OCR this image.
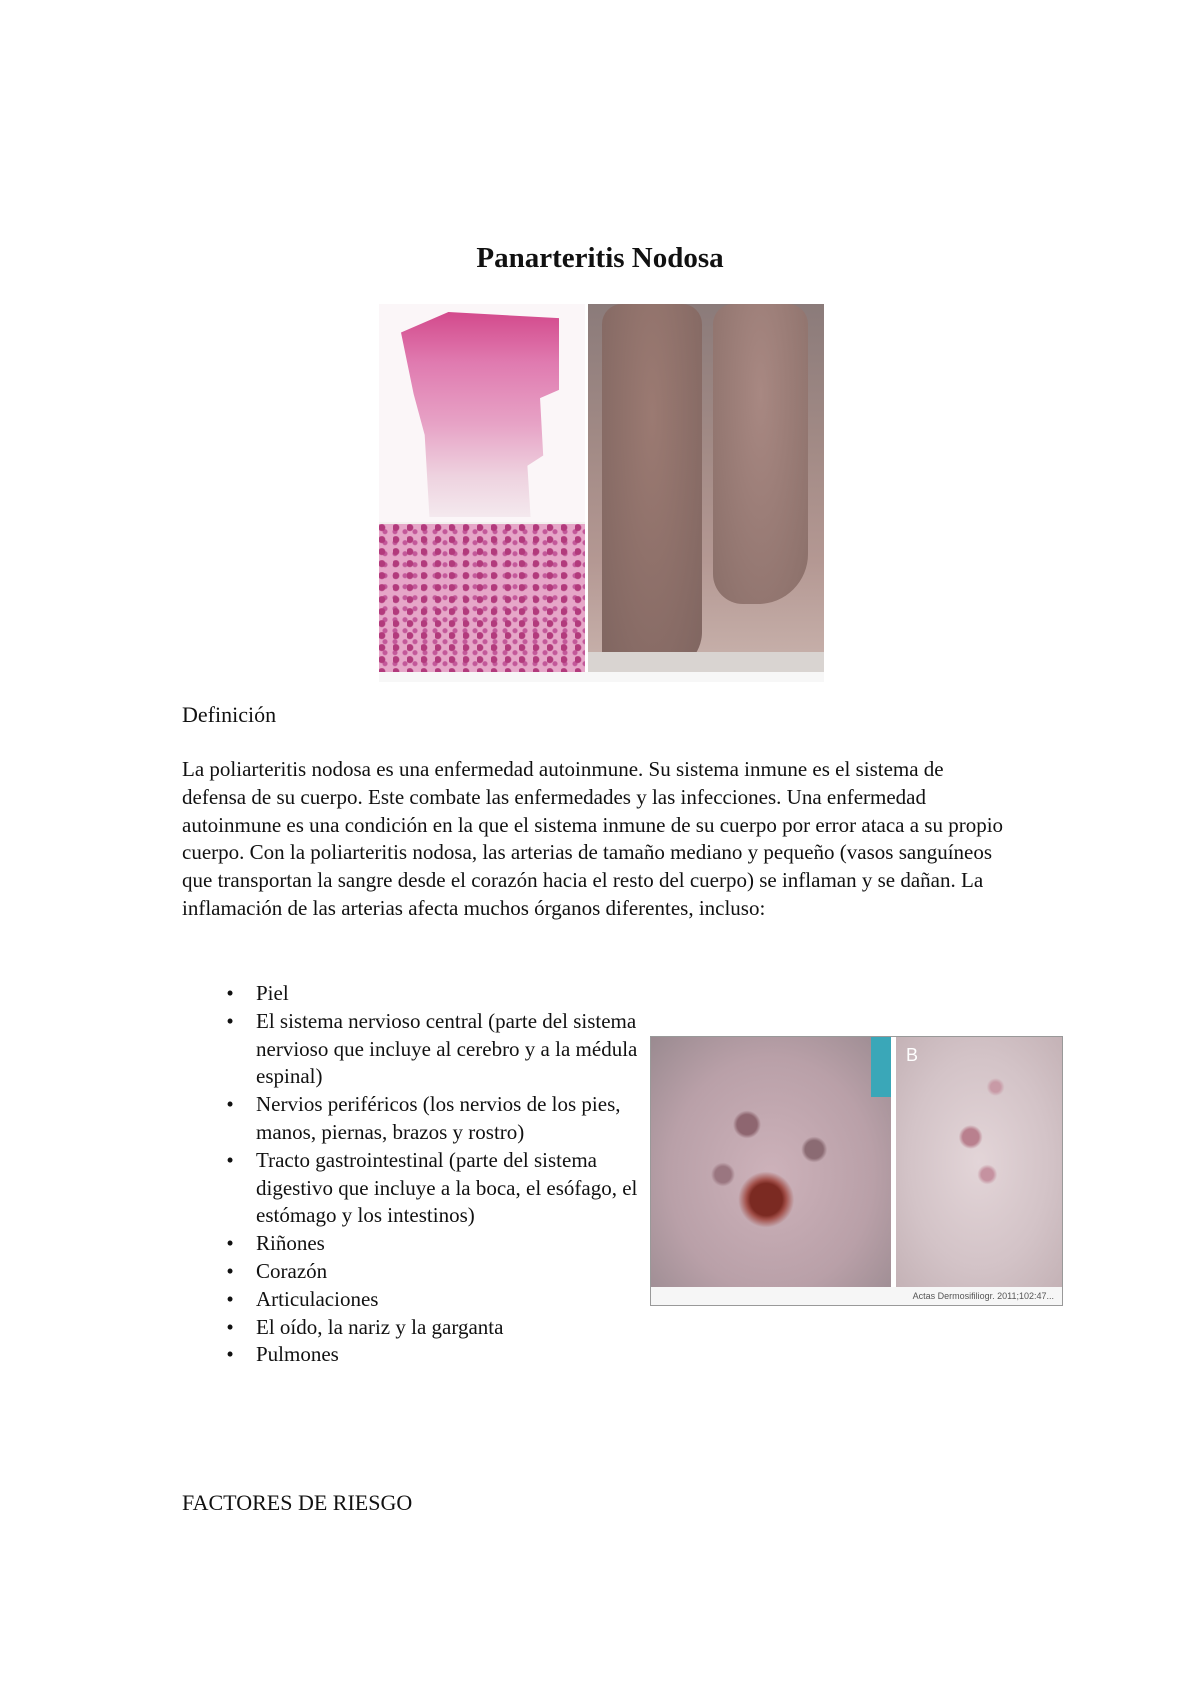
Panarteritis Nodosa
Definición

La poliarteritis nodosa es una enfermedad autoinmune. Su sistema inmune es el sistema de defensa de su cuerpo. Este combate las enfermedades y las infecciones. Una enfermedad autoinmune es una condición en la que el sistema inmune de su cuerpo por error ataca a su propio cuerpo. Con la poliarteritis nodosa, las arterias de tamaño mediano y pequeño (vasos sanguíneos que transportan la sangre desde el corazón hacia el resto del cuerpo) se inflaman y se dañan. La inflamación de las arterias afecta muchos órganos diferentes, incluso:

•	Piel
•	El sistema nervioso central (parte del sistema nervioso que incluye al cerebro y a la médula espinal)
•	Nervios periféricos (los nervios de los pies, manos, piernas, brazos y rostro)
•	Tracto gastrointestinal (parte del sistema digestivo que incluye a la boca, el esófago, el estómago y los intestinos)
•	Riñones
•	Corazón
•	Articulaciones
•	El oído, la nariz y la garganta
•	Pulmones
B
Actas Dermosifiliogr. 2011;102:47...
FACTORES DE RIESGO
